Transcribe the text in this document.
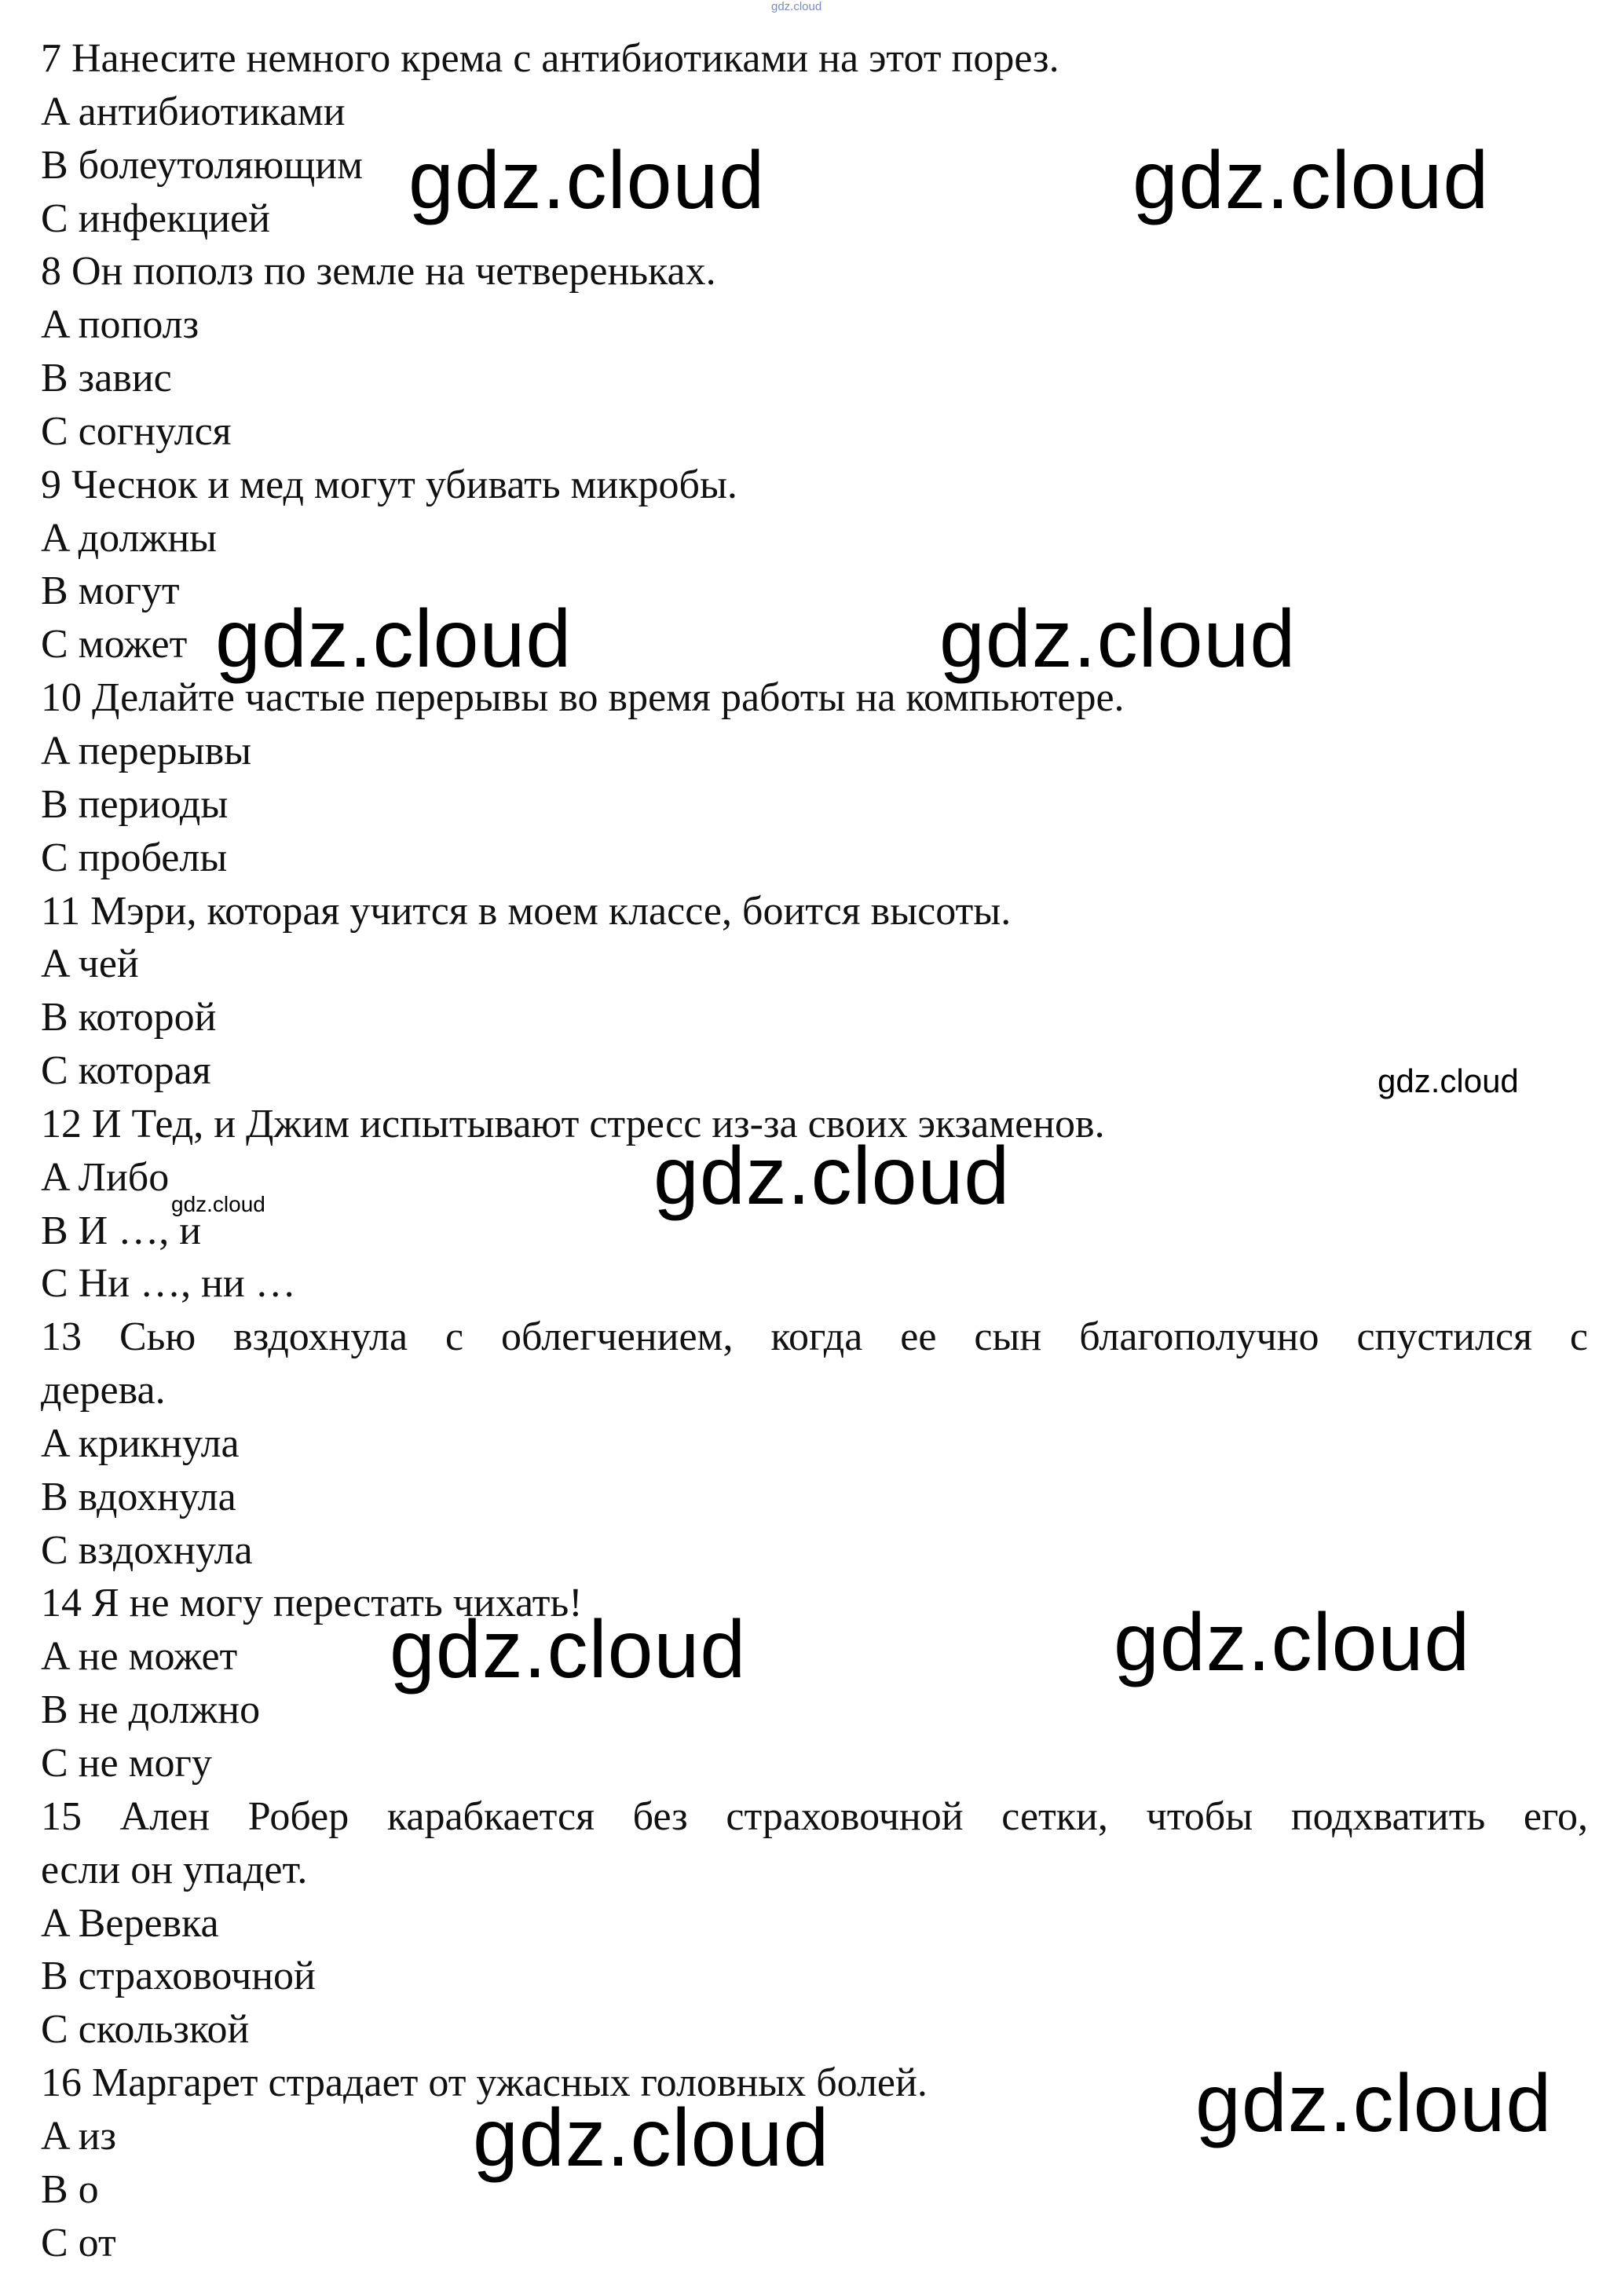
7 Нанесите немного крема с антибиотиками на этот порез.
A антибиотиками
B болеутоляющим
C инфекцией
8 Он пополз по земле на четвереньках.
A пополз
B завис
C согнулся
9 Чеснок и мед могут убивать микробы.
A должны
B могут
C может
10 Делайте частые перерывы во время работы на компьютере.
A перерывы
B периоды
C пробелы
11 Мэри, которая учится в моем классе, боится высоты.
A чей
B которой
C которая
12 И Тед, и Джим испытывают стресс из-за своих экзаменов.
A Либо
B И …, и
C Ни …, ни …
13 Сью вздохнула с облегчением, когда ее сын благополучно спустился с
дерева.
A крикнула
B вдохнула
C вздохнула
14 Я не могу перестать чихать!
A не может
B не должно
C не могу
15 Ален Робер карабкается без страховочной сетки, чтобы подхватить его,
если он упадет.
A Веревка
B страховочной
C скользкой
16 Маргарет страдает от ужасных головных болей.
A из
B о
C от
gdz.cloud
gdz.cloud	gdz.cloud
gdz.cloud	gdz.cloud
gdz.cloud
gdz.cloud
gdz.cloud
gdz.cloud	gdz.cloud
gdz.cloud
gdz.cloud
